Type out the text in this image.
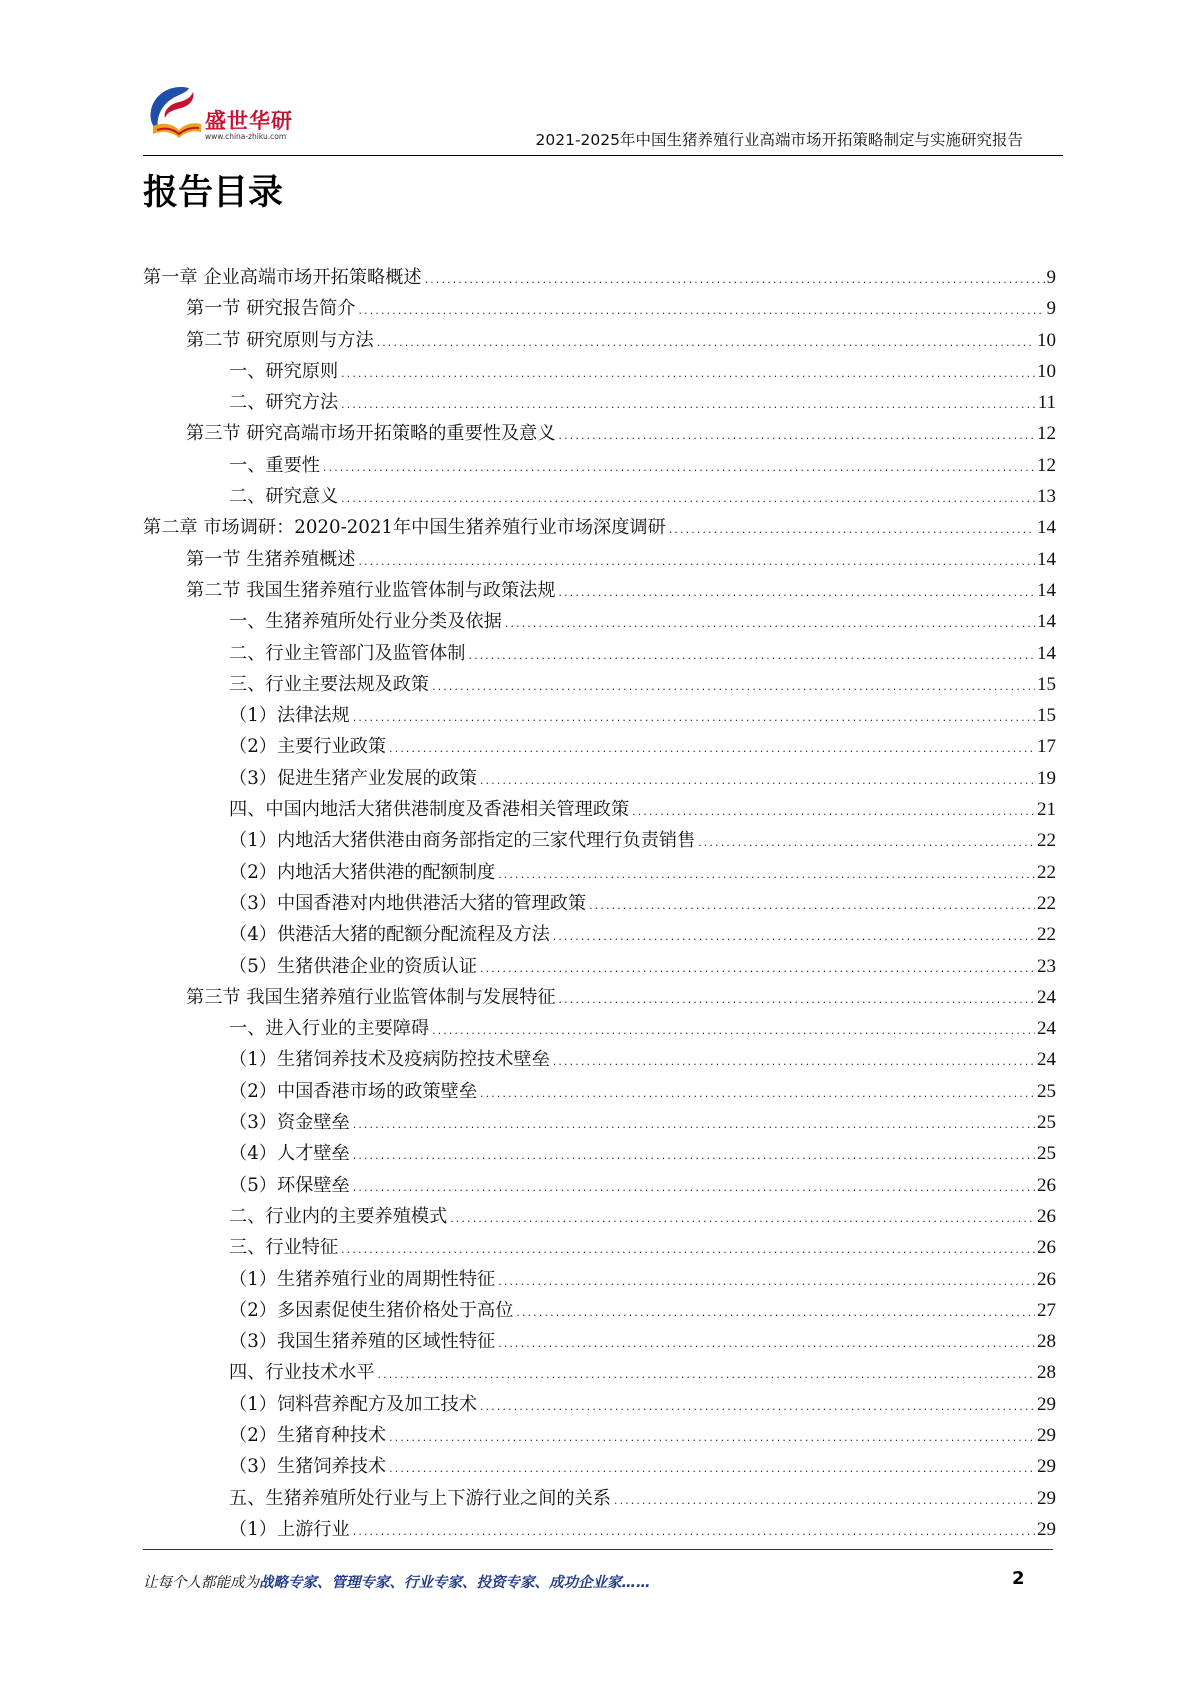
盛世华研
www.china-zhiku.com	2021-2025年中国生猪养殖行业高端市场开拓策略制定与实施研究报告
报告目录
第一章 企业高端市场开拓策略概述 .....	9
第一节 研究报告简介 .....	9
第二节 研究原则与方法 .....	10
一、研究原则 .....	10
二、研究方法 .....	11
第三节 研究高端市场开拓策略的重要性及意义 .....	12
一、重要性 .....	12
二、研究意义 .....	13
第二章 市场调研：2020-2021年中国生猪养殖行业市场深度调研 .....	14
第一节 生猪养殖概述 .....	14
第二节 我国生猪养殖行业监管体制与政策法规 .....	14
一、生猪养殖所处行业分类及依据 .....	14
二、行业主管部门及监管体制 .....	14
三、行业主要法规及政策 .....	15
（1）法律法规 .....	15
（2）主要行业政策 .....	17
（3）促进生猪产业发展的政策 .....	19
四、中国内地活大猪供港制度及香港相关管理政策 .....	21
（1）内地活大猪供港由商务部指定的三家代理行负责销售 .....	22
（2）内地活大猪供港的配额制度 .....	22
（3）中国香港对内地供港活大猪的管理政策 .....	22
（4）供港活大猪的配额分配流程及方法 .....	22
（5）生猪供港企业的资质认证 .....	23
第三节 我国生猪养殖行业监管体制与发展特征 .....	24
一、进入行业的主要障碍 .....	24
（1）生猪饲养技术及疫病防控技术壁垒 .....	24
（2）中国香港市场的政策壁垒 .....	25
（3）资金壁垒 .....	25
（4）人才壁垒 .....	25
（5）环保壁垒 .....	26
二、行业内的主要养殖模式 .....	26
三、行业特征 .....	26
（1）生猪养殖行业的周期性特征 .....	26
（2）多因素促使生猪价格处于高位 .....	27
（3）我国生猪养殖的区域性特征 .....	28
四、行业技术水平 .....	28
（1）饲料营养配方及加工技术 .....	29
（2）生猪育种技术 .....	29
（3）生猪饲养技术 .....	29
五、生猪养殖所处行业与上下游行业之间的关系 .....	29
（1）上游行业 .....	29
让每个人都能成为战略专家、管理专家、行业专家、投资专家、成功企业家……	2
